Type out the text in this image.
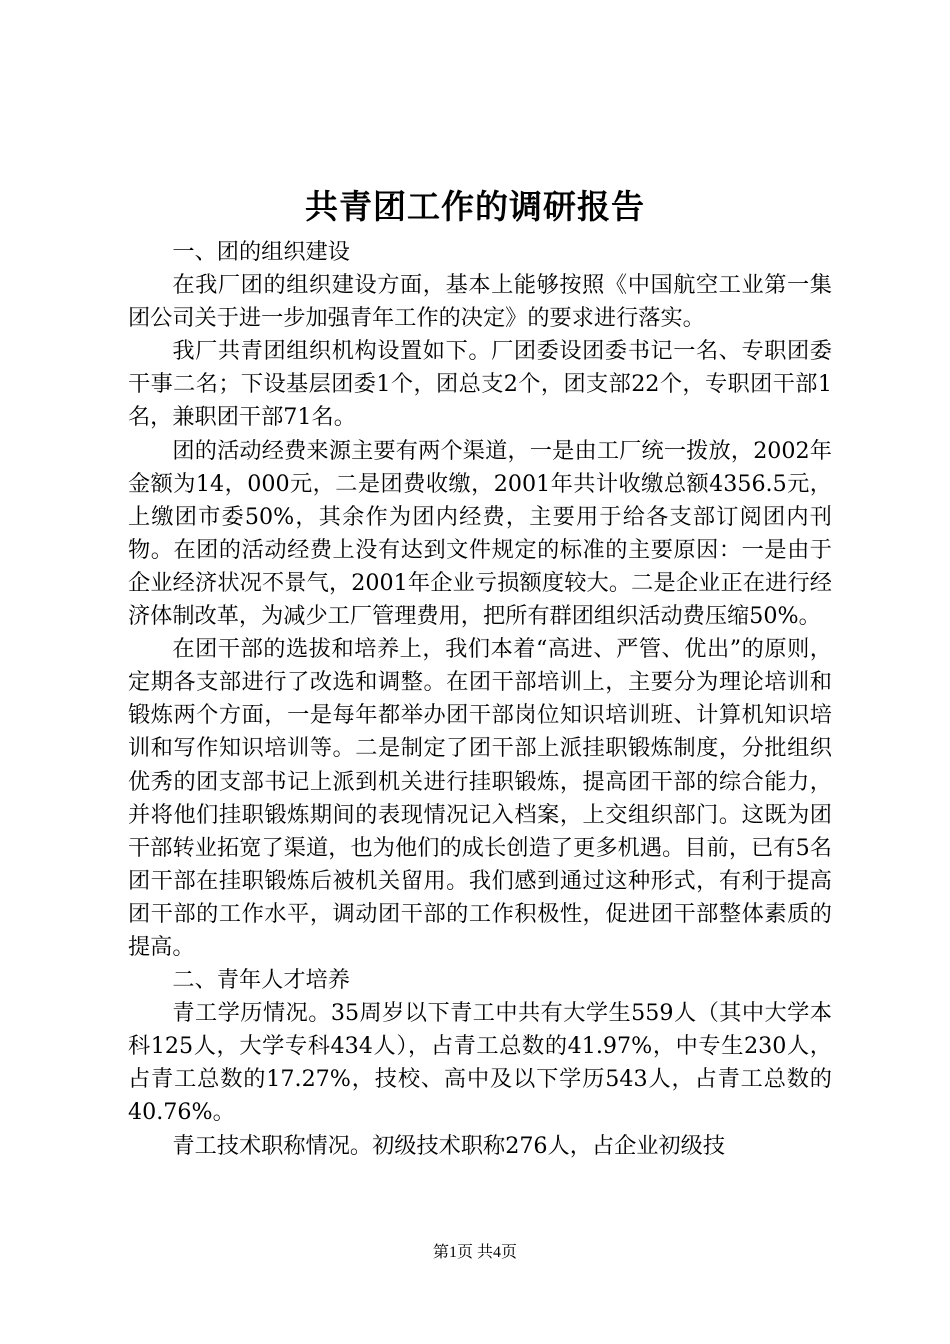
共青团工作的调研报告

一、团的组织建设

在我厂团的组织建设方面，基本上能够按照《中国航空工业第一集团公司关于进一步加强青年工作的决定》的要求进行落实。

我厂共青团组织机构设置如下。厂团委设团委书记一名、专职团委干事二名；下设基层团委1个，团总支2个，团支部22个，专职团干部1名，兼职团干部71名。

团的活动经费来源主要有两个渠道，一是由工厂统一拨放，2002年金额为14，000元，二是团费收缴，2001年共计收缴总额4356.5元，上缴团市委50%，其余作为团内经费，主要用于给各支部订阅团内刊物。在团的活动经费上没有达到文件规定的标准的主要原因：一是由于企业经济状况不景气，2001年企业亏损额度较大。二是企业正在进行经济体制改革，为减少工厂管理费用，把所有群团组织活动费压缩50%。

在团干部的选拔和培养上，我们本着“高进、严管、优出”的原则，定期各支部进行了改选和调整。在团干部培训上，主要分为理论培训和锻炼两个方面，一是每年都举办团干部岗位知识培训班、计算机知识培训和写作知识培训等。二是制定了团干部上派挂职锻炼制度，分批组织优秀的团支部书记上派到机关进行挂职锻炼，提高团干部的综合能力，并将他们挂职锻炼期间的表现情况记入档案，上交组织部门。这既为团干部转业拓宽了渠道，也为他们的成长创造了更多机遇。目前，已有5名团干部在挂职锻炼后被机关留用。我们感到通过这种形式，有利于提高团干部的工作水平，调动团干部的工作积极性，促进团干部整体素质的提高。

二、青年人才培养

青工学历情况。35周岁以下青工中共有大学生559人（其中大学本科125人，大学专科434人），占青工总数的41.97%，中专生230人，占青工总数的17.27%，技校、高中及以下学历543人，占青工总数的40.76%。

青工技术职称情况。初级技术职称276人，占企业初级技

第1页 共4页
